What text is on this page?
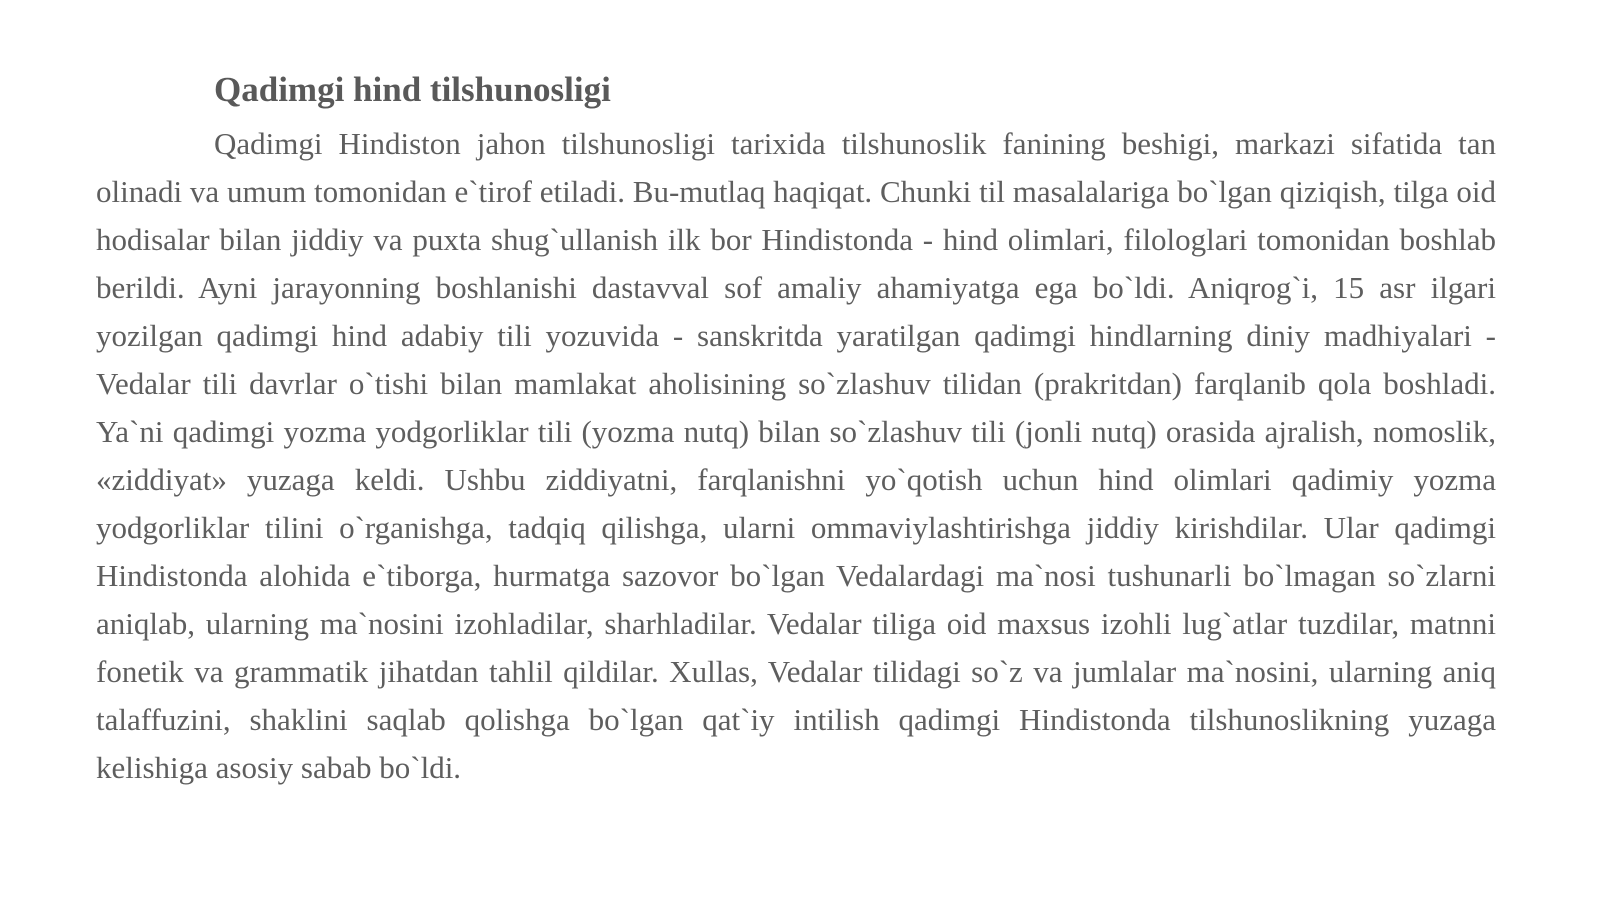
Qadimgi hind tilshunosligi

Qadimgi Hindiston jahon tilshunosligi tarixida tilshunoslik fanining beshigi, markazi sifatida tan olinadi va umum tomonidan e`tirof etiladi. Bu-mutlaq haqiqat. Chunki til masalalariga bo`lgan qiziqish, tilga oid hodisalar bilan jiddiy va puxta shug`ullanish ilk bor Hindistonda - hind olimlari, filologlari tomonidan boshlab berildi. Ayni jarayonning boshlanishi dastavval sof amaliy ahamiyatga ega bo`ldi. Aniqrog`i, 15 asr ilgari yozilgan qadimgi hind adabiy tili yozuvida - sanskritda yaratilgan qadimgi hindlarning diniy madhiyalari - Vedalar tili davrlar o`tishi bilan mamlakat aholisining so`zlashuv tilidan (prakritdan) farqlanib qola boshladi. Ya`ni qadimgi yozma yodgorliklar tili (yozma nutq) bilan so`zlashuv tili (jonli nutq) orasida ajralish, nomoslik, «ziddiyat» yuzaga keldi. Ushbu ziddiyatni, farqlanishni yo`qotish uchun hind olimlari qadimiy yozma yodgorliklar tilini o`rganishga, tadqiq qilishga, ularni ommaviylashtirishga jiddiy kirishdilar. Ular qadimgi Hindistonda alohida e`tiborga, hurmatga sazovor bo`lgan Vedalardagi ma`nosi tushunarli bo`lmagan so`zlarni aniqlab, ularning ma`nosini izohladilar, sharhladilar. Vedalar tiliga oid maxsus izohli lug`atlar tuzdilar, matnni fonetik va grammatik jihatdan tahlil qildilar. Xullas, Vedalar tilidagi so`z va jumlalar ma`nosini, ularning aniq talaffuzini, shaklini saqlab qolishga bo`lgan qat`iy intilish qadimgi Hindistonda tilshunoslikning yuzaga kelishiga asosiy sabab bo`ldi.
